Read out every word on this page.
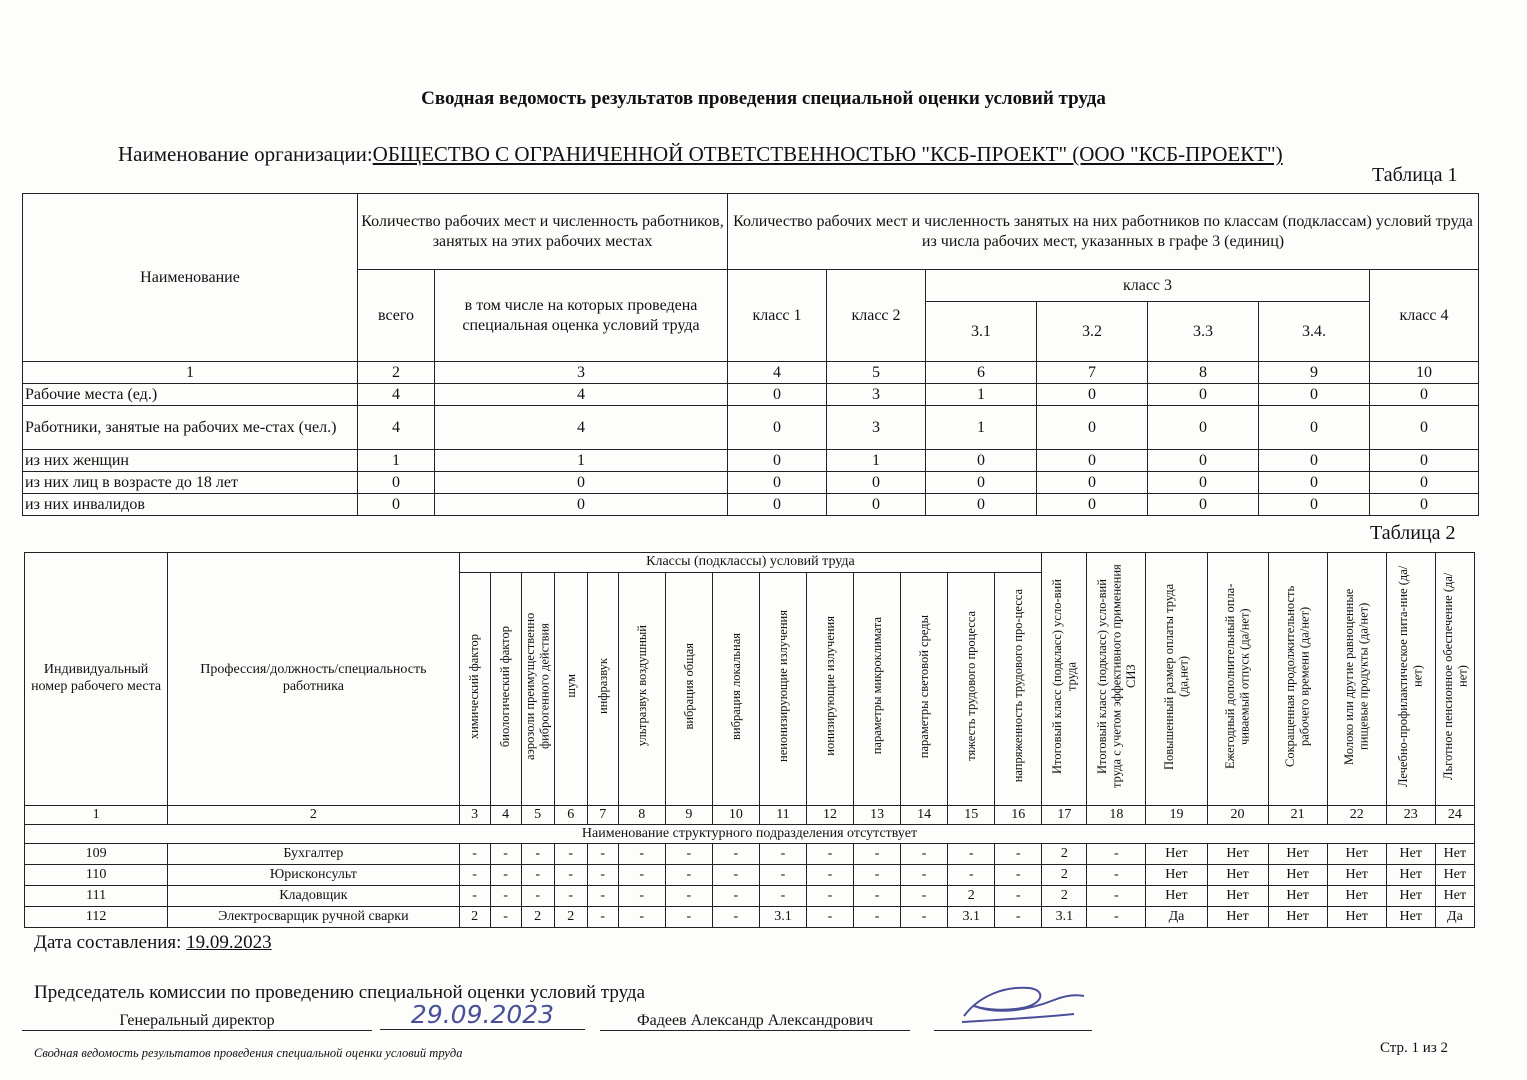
Сводная ведомость результатов проведения специальной оценки условий труда
Наименование организации:ОБЩЕСТВО С ОГРАНИЧЕННОЙ ОТВЕТСТВЕННОСТЬЮ "КСБ-ПРОЕКТ" (ООО "КСБ-ПРОЕКТ")
Таблица 1
Наименование	Количество рабочих мест и численность работников, занятых на этих рабочих местах		Количество рабочих мест и численность занятых на них работников по классам (подклассам) условий труда из числа рабочих мест, указанных в графе 3 (единиц)						
	всего	в том числе на которых проведена специальная оценка условий труда	класс 1	класс 2	класс 3				класс 4
					3.1	3.2	3.3	3.4.	
1	2	3	4	5	6	7	8	9	10
Рабочие места (ед.)	4	4	0	3	1	0	0	0	0
Работники, занятые на рабочих ме-стах (чел.)	4	4	0	3	1	0	0	0	0
из них женщин	1	1	0	1	0	0	0	0	0
из них лиц в возрасте до 18 лет	0	0	0	0	0	0	0	0	0
из них инвалидов	0	0	0	0	0	0	0	0	0
Таблица 2
Индивидуальный номер рабочего места	Профессия/должность/специальность работника	Классы (подклассы) условий труда														Итоговый класс (подкласс) усло-вий труда	Итоговый класс (подкласс) усло-вий труда с учетом эффективного применения СИЗ	Повышенный размер оплаты труда (да,нет)	Ежегодный дополнительный опла-чиваемый отпуск (да/нет)	Сокращенная продолжительность рабочего времени (да/нет)	Молоко или другие равноценные пищевые продукты (да/нет)	Лечебно-профилактическое пита-ние (да/нет)	Льготное пенсионное обеспечение (да/нет)
		химический фактор	биологический фактор	аэрозоли преимущественно фиброгенного действия	шум	инфразвук	ультразвук воздушный	вибрация общая	вибрация локальная	неионизирующие излучения	ионизирующие излучения	параметры микроклимата	параметры световой среды	тяжесть трудового процесса	напряженность трудового про-цесса								
1	2	3	4	5	6	7	8	9	10	11	12	13	14	15	16	17	18	19	20	21	22	23	24
Наименование структурного подразделения отсутствует																							
109	Бухгалтер	-	-	-	-	-	-	-	-	-	-	-	-	-	-	2	-	Нет	Нет	Нет	Нет	Нет	Нет
110	Юрисконсульт	-	-	-	-	-	-	-	-	-	-	-	-	-	-	2	-	Нет	Нет	Нет	Нет	Нет	Нет
111	Кладовщик	-	-	-	-	-	-	-	-	-	-	-	-	2	-	2	-	Нет	Нет	Нет	Нет	Нет	Нет
112	Электросварщик ручной сварки	2	-	2	2	-	-	-	-	3.1	-	-	-	3.1	-	3.1	-	Да	Нет	Нет	Нет	Нет	Да
Дата составления: 19.09.2023
Председатель комиссии по проведению специальной оценки условий труда
Генеральный директор	29.09.2023	Фадеев Александр Александрович
Сводная ведомость результатов проведения специальной оценки условий труда	Стр. 1 из 2
